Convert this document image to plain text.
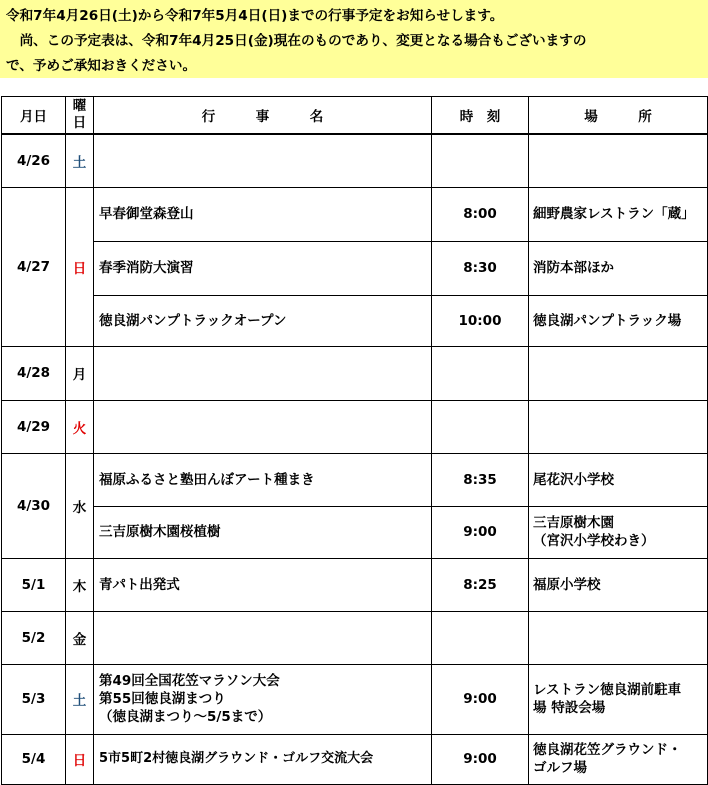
令和7年4月26日(土)から令和7年5月4日(日)までの行事予定をお知らせします。
　尚、この予定表は、令和7年4月25日(金)現在のものであり、変更となる場合もございますの
で、予めご承知おきください。
月日	曜
日	行　　　事　　　名	時　刻	場　　　所
4/26	土			
4/27	日	早春御堂森登山	8:00	細野農家レストラン「蔵」
		春季消防大演習	8:30	消防本部ほか
		徳良湖パンプトラックオープン	10:00	徳良湖パンプトラック場
4/28	月			
4/29	火			
4/30	水	福原ふるさと塾田んぼアート種まき	8:35	尾花沢小学校
		三吉原樹木園桜植樹	9:00	三吉原樹木園
（宮沢小学校わき）
5/1	木	青パト出発式	8:25	福原小学校
5/2	金			
5/3	土	第49回全国花笠マラソン大会
第55回徳良湖まつり
（徳良湖まつり～5/5まで）	9:00	レストラン徳良湖前駐車
場 特設会場
5/4	日	5市5町2村徳良湖グラウンド・ゴルフ交流大会	9:00	徳良湖花笠グラウンド・
ゴルフ場
